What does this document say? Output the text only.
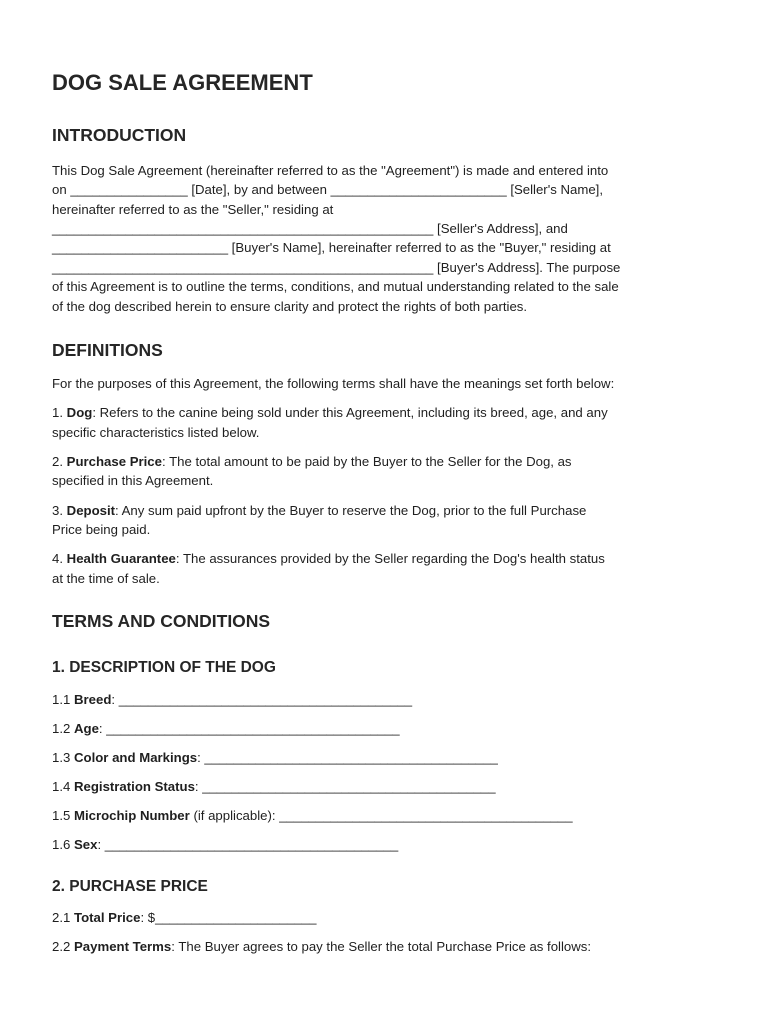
DOG SALE AGREEMENT
INTRODUCTION

This Dog Sale Agreement (hereinafter referred to as the "Agreement") is made and entered into

on ________________ [Date], by and between ________________________ [Seller's Name],

hereinafter referred to as the "Seller," residing at

____________________________________________________ [Seller's Address], and

________________________ [Buyer's Name], hereinafter referred to as the "Buyer," residing at

____________________________________________________ [Buyer's Address]. The purpose

of this Agreement is to outline the terms, conditions, and mutual understanding related to the sale

of the dog described herein to ensure clarity and protect the rights of both parties.

DEFINITIONS

For the purposes of this Agreement, the following terms shall have the meanings set forth below:

1. Dog: Refers to the canine being sold under this Agreement, including its breed, age, and any

specific characteristics listed below.

2. Purchase Price: The total amount to be paid by the Buyer to the Seller for the Dog, as

specified in this Agreement.

3. Deposit: Any sum paid upfront by the Buyer to reserve the Dog, prior to the full Purchase

Price being paid.

4. Health Guarantee: The assurances provided by the Seller regarding the Dog's health status

at the time of sale.

TERMS AND CONDITIONS
1. DESCRIPTION OF THE DOG

1.1 Breed: ________________________________________

1.2 Age: ________________________________________

1.3 Color and Markings: ________________________________________

1.4 Registration Status: ________________________________________

1.5 Microchip Number (if applicable): ________________________________________

1.6 Sex: ________________________________________

2. PURCHASE PRICE

2.1 Total Price: $______________________

2.2 Payment Terms: The Buyer agrees to pay the Seller the total Purchase Price as follows:
